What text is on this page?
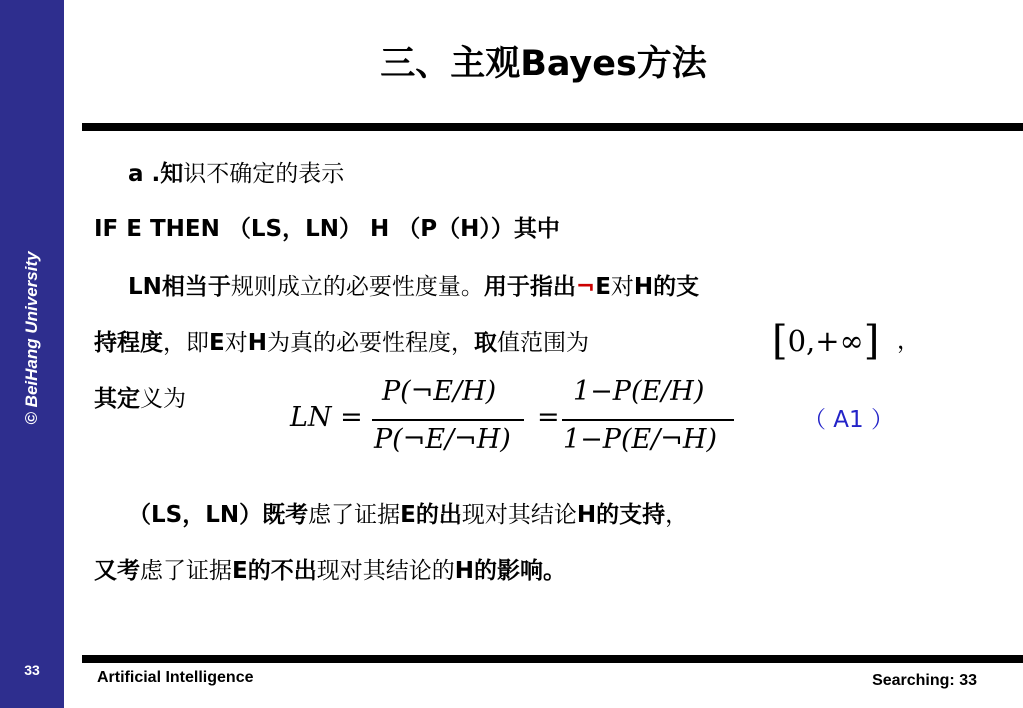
© BeiHang University
33
三、主观Bayes方法
a .知识不确定的表示
IF E THEN （LS，LN） H （P（H））其中
LN相当于规则成立的必要性度量。用于指出¬E对H的支
持程度，即E对H为真的必要性程度，取值范围为	[0,+∞] ，
其定义为
LN =
P(¬E/H)
P(¬E/¬H)
=
1−P(E/H)
1−P(E/¬H)
（ A1 ）
（LS，LN）既考虑了证据E的出现对其结论H的支持，
又考虑了证据E的不出现对其结论的H的影响。
Artificial Intelligence	Searching: 33
